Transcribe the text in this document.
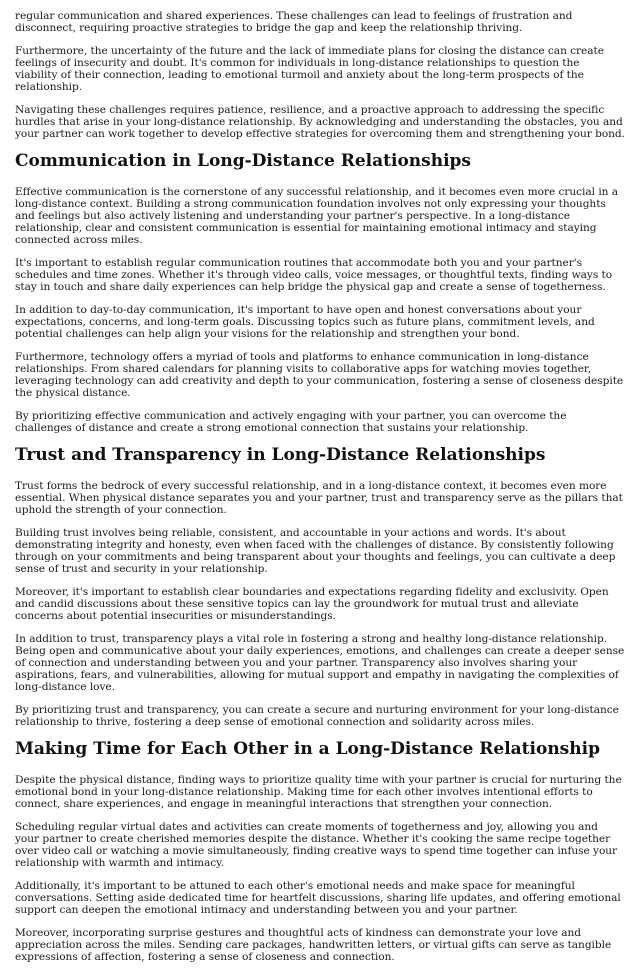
regular communication and shared experiences. These challenges can lead to feelings of frustration and disconnect, requiring proactive strategies to bridge the gap and keep the relationship thriving.

Furthermore, the uncertainty of the future and the lack of immediate plans for closing the distance can create feelings of insecurity and doubt. It's common for individuals in long-distance relationships to question the viability of their connection, leading to emotional turmoil and anxiety about the long-term prospects of the relationship.

Navigating these challenges requires patience, resilience, and a proactive approach to addressing the specific hurdles that arise in your long-distance relationship. By acknowledging and understanding the obstacles, you and your partner can work together to develop effective strategies for overcoming them and strengthening your bond.

Communication in Long-Distance Relationships

Effective communication is the cornerstone of any successful relationship, and it becomes even more crucial in a long-distance context. Building a strong communication foundation involves not only expressing your thoughts and feelings but also actively listening and understanding your partner's perspective. In a long-distance relationship, clear and consistent communication is essential for maintaining emotional intimacy and staying connected across miles.

It's important to establish regular communication routines that accommodate both you and your partner's schedules and time zones. Whether it's through video calls, voice messages, or thoughtful texts, finding ways to stay in touch and share daily experiences can help bridge the physical gap and create a sense of togetherness.

In addition to day-to-day communication, it's important to have open and honest conversations about your expectations, concerns, and long-term goals. Discussing topics such as future plans, commitment levels, and potential challenges can help align your visions for the relationship and strengthen your bond.

Furthermore, technology offers a myriad of tools and platforms to enhance communication in long-distance relationships. From shared calendars for planning visits to collaborative apps for watching movies together, leveraging technology can add creativity and depth to your communication, fostering a sense of closeness despite the physical distance.

By prioritizing effective communication and actively engaging with your partner, you can overcome the challenges of distance and create a strong emotional connection that sustains your relationship.

Trust and Transparency in Long-Distance Relationships

Trust forms the bedrock of every successful relationship, and in a long-distance context, it becomes even more essential. When physical distance separates you and your partner, trust and transparency serve as the pillars that uphold the strength of your connection.

Building trust involves being reliable, consistent, and accountable in your actions and words. It's about demonstrating integrity and honesty, even when faced with the challenges of distance. By consistently following through on your commitments and being transparent about your thoughts and feelings, you can cultivate a deep sense of trust and security in your relationship.

Moreover, it's important to establish clear boundaries and expectations regarding fidelity and exclusivity. Open and candid discussions about these sensitive topics can lay the groundwork for mutual trust and alleviate concerns about potential insecurities or misunderstandings.

In addition to trust, transparency plays a vital role in fostering a strong and healthy long-distance relationship. Being open and communicative about your daily experiences, emotions, and challenges can create a deeper sense of connection and understanding between you and your partner. Transparency also involves sharing your aspirations, fears, and vulnerabilities, allowing for mutual support and empathy in navigating the complexities of long-distance love.

By prioritizing trust and transparency, you can create a secure and nurturing environment for your long-distance relationship to thrive, fostering a deep sense of emotional connection and solidarity across miles.

Making Time for Each Other in a Long-Distance Relationship

Despite the physical distance, finding ways to prioritize quality time with your partner is crucial for nurturing the emotional bond in your long-distance relationship. Making time for each other involves intentional efforts to connect, share experiences, and engage in meaningful interactions that strengthen your connection.

Scheduling regular virtual dates and activities can create moments of togetherness and joy, allowing you and your partner to create cherished memories despite the distance. Whether it's cooking the same recipe together over video call or watching a movie simultaneously, finding creative ways to spend time together can infuse your relationship with warmth and intimacy.

Additionally, it's important to be attuned to each other's emotional needs and make space for meaningful conversations. Setting aside dedicated time for heartfelt discussions, sharing life updates, and offering emotional support can deepen the emotional intimacy and understanding between you and your partner.

Moreover, incorporating surprise gestures and thoughtful acts of kindness can demonstrate your love and appreciation across the miles. Sending care packages, handwritten letters, or virtual gifts can serve as tangible expressions of affection, fostering a sense of closeness and connection.
